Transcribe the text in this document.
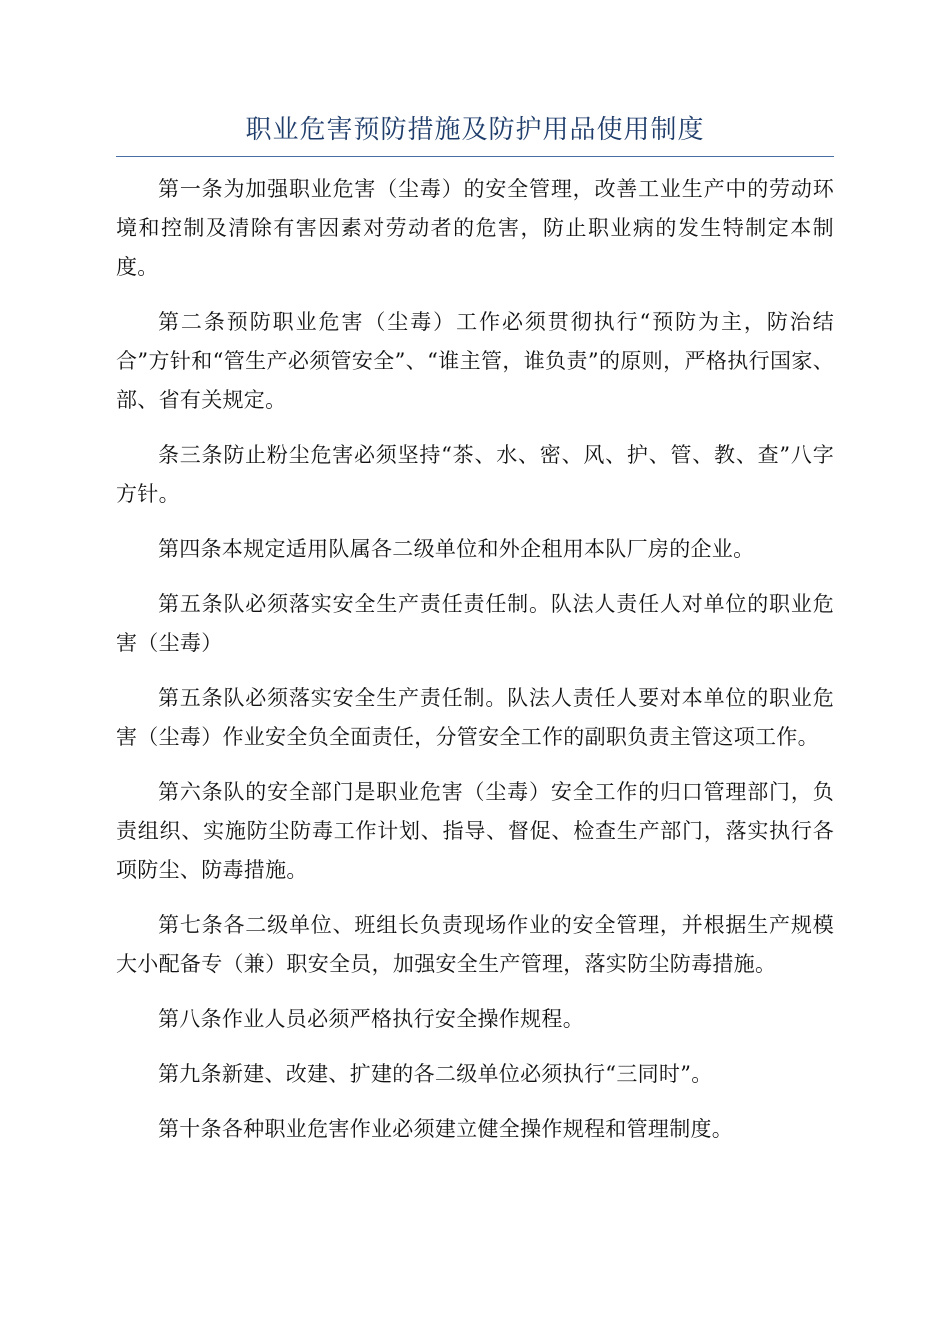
职业危害预防措施及防护用品使用制度

第一条为加强职业危害（尘毒）的安全管理，改善工业生产中的劳动环境和控制及清除有害因素对劳动者的危害，防止职业病的发生特制定本制度。

第二条预防职业危害（尘毒）工作必须贯彻执行“预防为主，防治结合”方针和“管生产必须管安全”、“谁主管，谁负责”的原则，严格执行国家、部、省有关规定。

条三条防止粉尘危害必须坚持“茶、水、密、风、护、管、教、查”八字方针。

第四条本规定适用队属各二级单位和外企租用本队厂房的企业。

第五条队必须落实安全生产责任责任制。队法人责任人对单位的职业危害（尘毒）

第五条队必须落实安全生产责任制。队法人责任人要对本单位的职业危害（尘毒）作业安全负全面责任，分管安全工作的副职负责主管这项工作。

第六条队的安全部门是职业危害（尘毒）安全工作的归口管理部门，负责组织、实施防尘防毒工作计划、指导、督促、检查生产部门，落实执行各项防尘、防毒措施。

第七条各二级单位、班组长负责现场作业的安全管理，并根据生产规模大小配备专（兼）职安全员，加强安全生产管理，落实防尘防毒措施。

第八条作业人员必须严格执行安全操作规程。

第九条新建、改建、扩建的各二级单位必须执行“三同时”。

第十条各种职业危害作业必须建立健全操作规程和管理制度。
